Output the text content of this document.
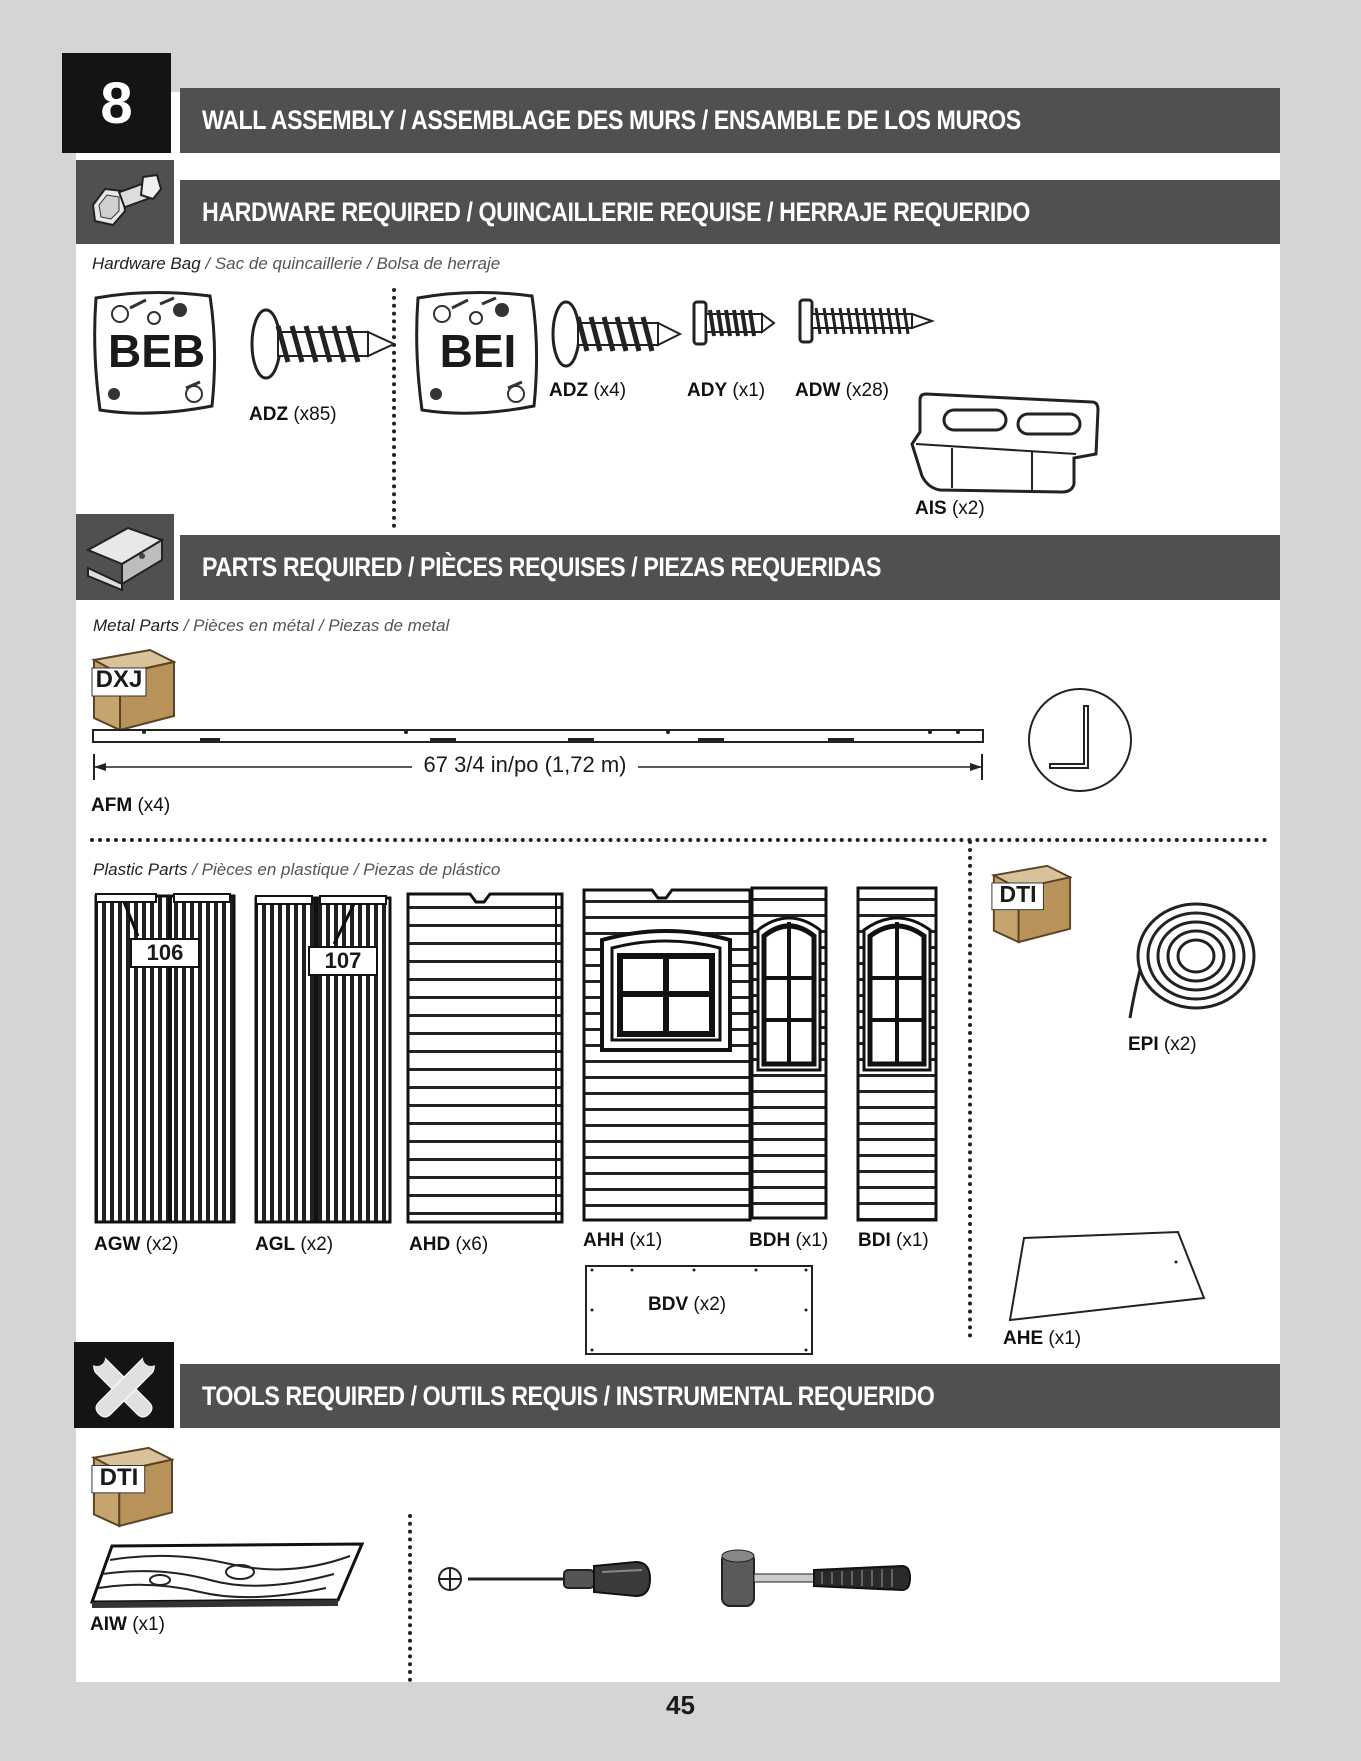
8	WALL ASSEMBLY / ASSEMBLAGE DES MURS / ENSAMBLE DE LOS MUROS
HARDWARE REQUIRED / QUINCAILLERIE REQUISE / HERRAJE REQUERIDO
Hardware Bag / Sac de quincaillerie / Bolsa de herraje
BEB
ADZ (x85)
BEI
ADZ (x4)	ADY (x1) ADW (x28)
AIS (x2)
PARTS REQUIRED / PIÈCES REQUISES / PIEZAS REQUERIDAS
Metal Parts / Pièces en métal / Piezas de metal
DXJ
67 3/4 in/po (1,72 m)
AFM (x4)
Plastic Parts / Pièces en plastique / Piezas de plástico
106
AGW (x2)
107
AGL (x2)	AHD (x6)	AHH (x1)	BDH (x1) BDI (x1)
BDV (x2)
DTI
EPI (x2)
AHE (x1)
TOOLS REQUIRED / OUTILS REQUIS / INSTRUMENTAL REQUERIDO
DTI
AIW (x1)
45
